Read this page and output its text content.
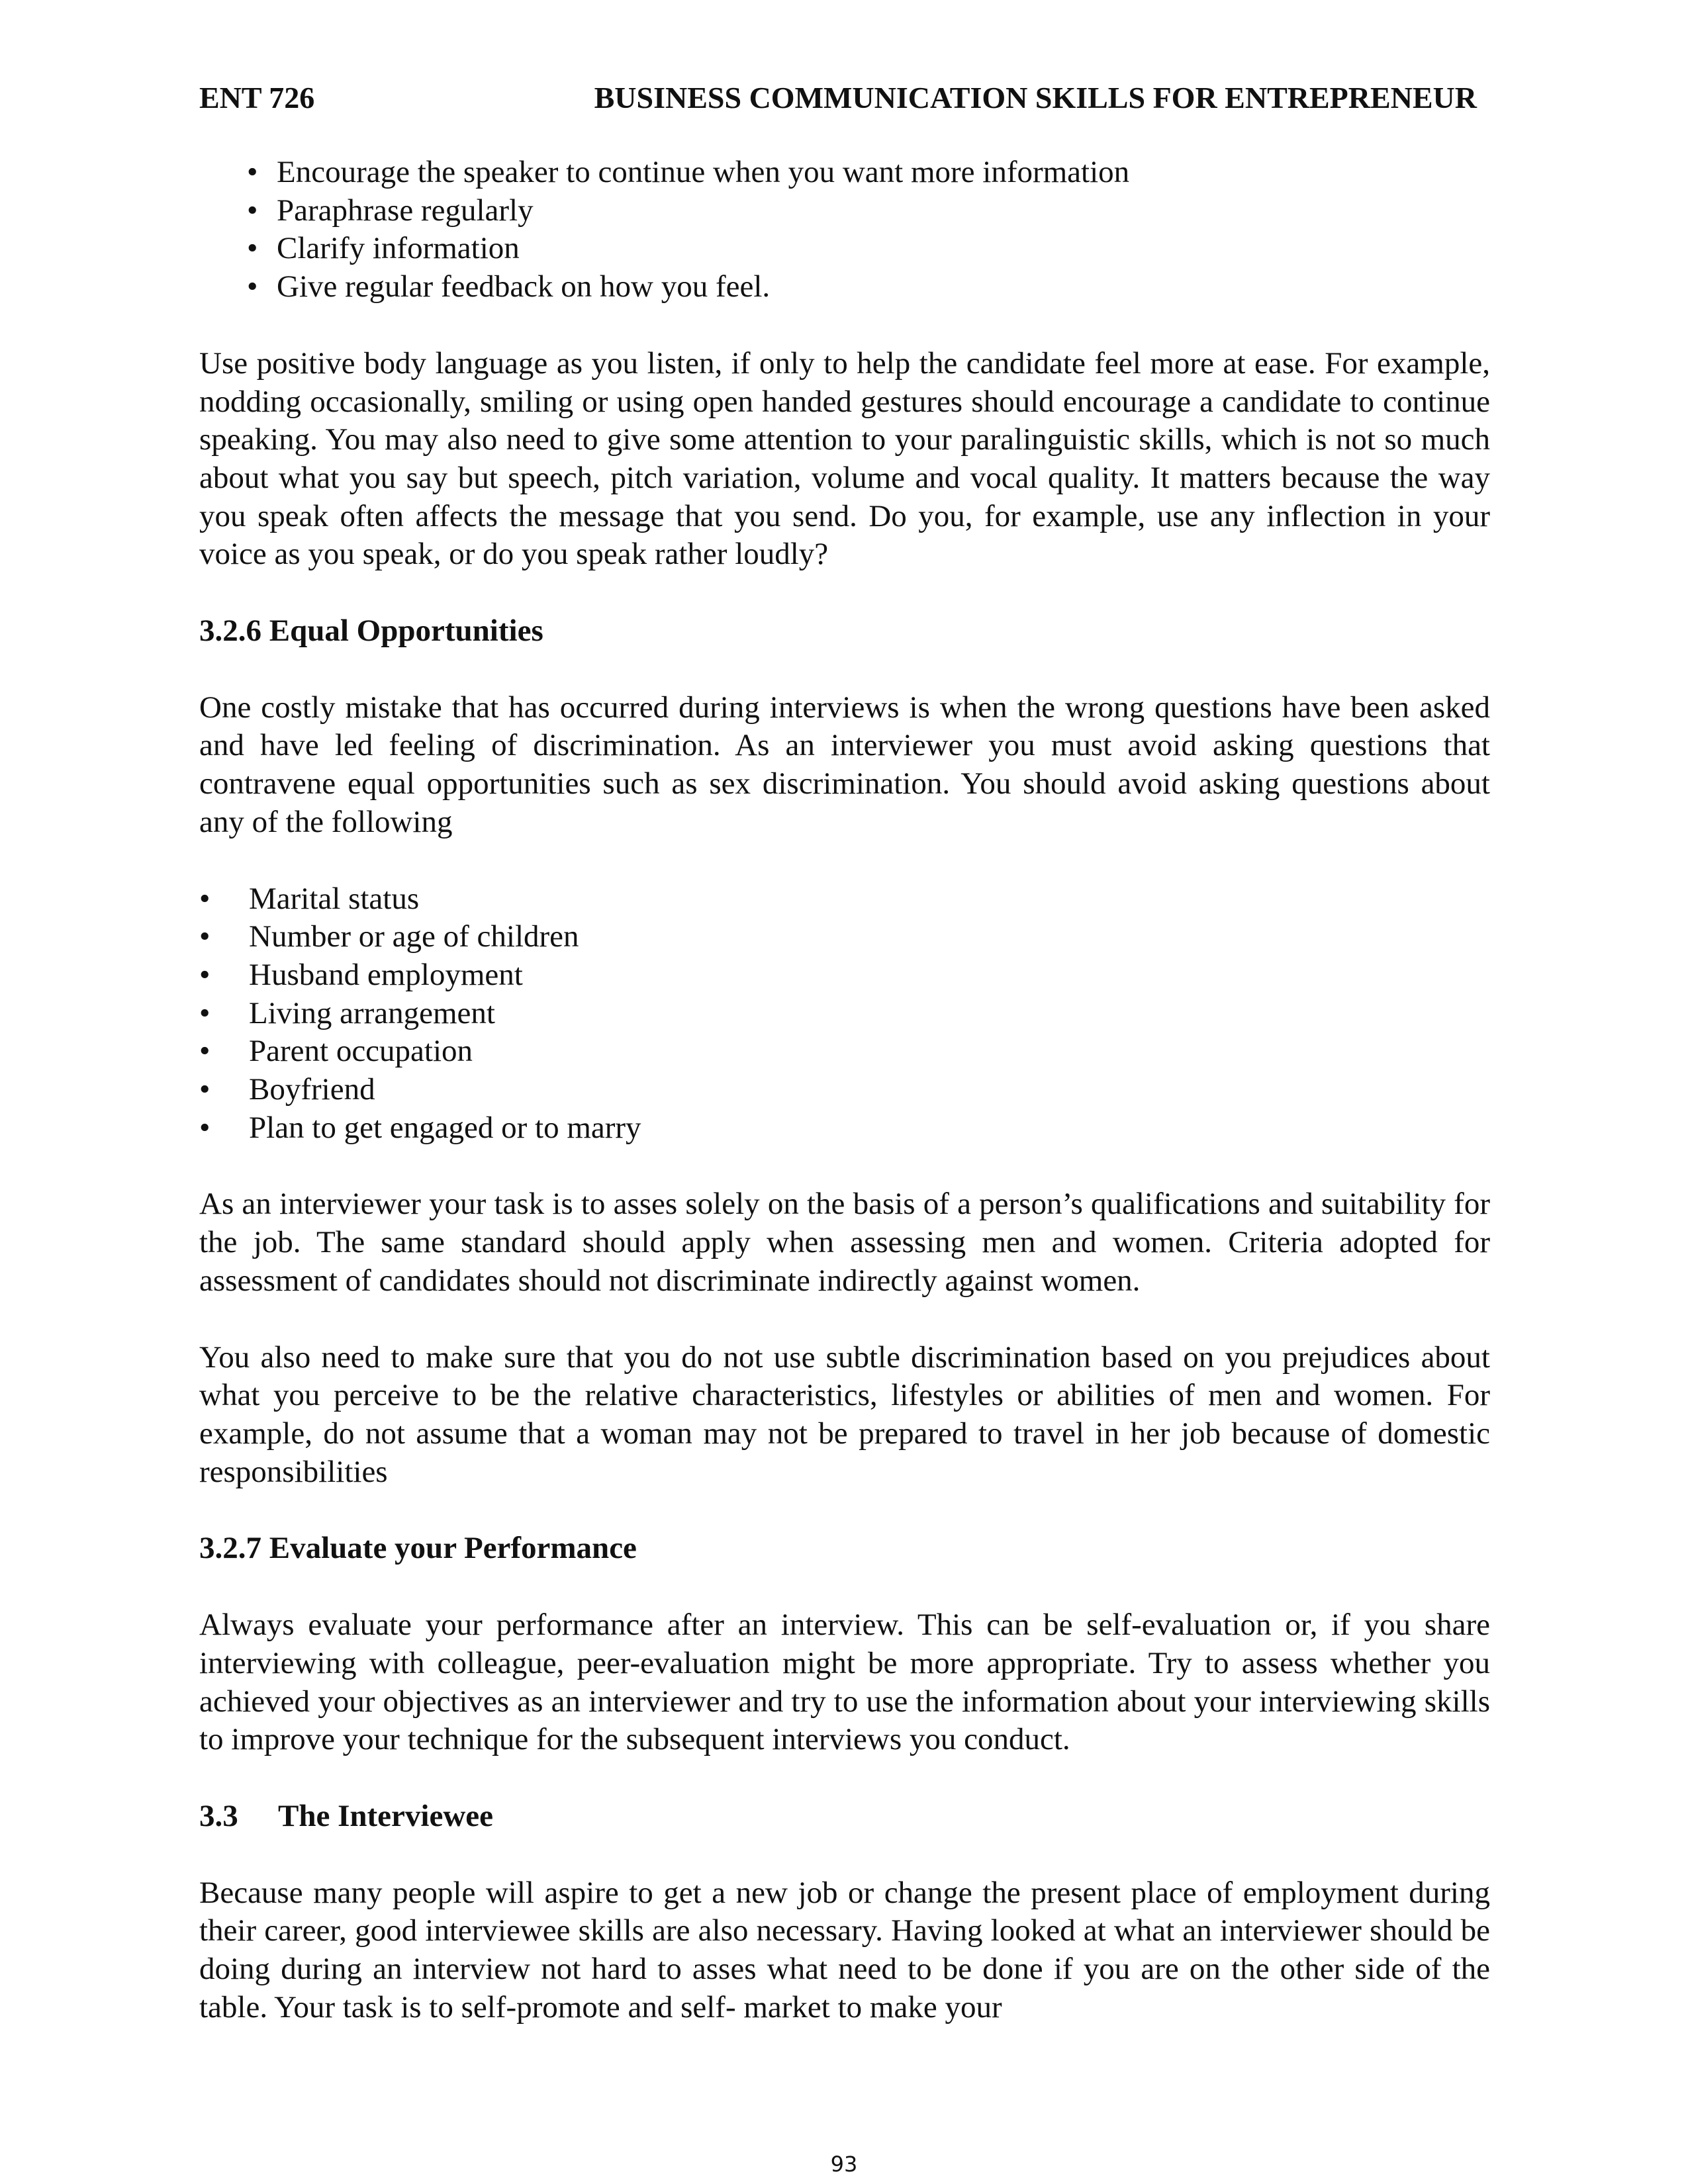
ENT 726	BUSINESS COMMUNICATION SKILLS FOR ENTREPRENEUR
• Encourage the speaker to continue when you want more information
• Paraphrase regularly
• Clarify information
• Give regular feedback on how you feel.

Use positive body language as you listen, if only to help the candidate feel more at ease. For example, nodding occasionally, smiling or using open handed gestures should encourage a candidate to continue speaking. You may also need to give some attention to your paralinguistic skills, which is not so much about what you say but speech, pitch variation, volume and vocal quality. It matters because the way you speak often affects the message that you send. Do you, for example, use any inflection in your voice as you speak, or do you speak rather loudly?

3.2.6 Equal Opportunities

One costly mistake that has occurred during interviews is when the wrong questions have been asked and have led feeling of discrimination. As an interviewer you must avoid asking questions that contravene equal opportunities such as sex discrimination. You should avoid asking questions about any of the following

• Marital status
• Number or age of children
• Husband employment
• Living arrangement
• Parent occupation
• Boyfriend
• Plan to get engaged or to marry

As an interviewer your task is to asses solely on the basis of a person’s qualifications and suitability for the job. The same standard should apply when assessing men and women. Criteria adopted for assessment of candidates should not discriminate indirectly against women.

You also need to make sure that you do not use subtle discrimination based on you prejudices about what you perceive to be the relative characteristics, lifestyles or abilities of men and women. For example, do not assume that a woman may not be prepared to travel in her job because of domestic responsibilities

3.2.7 Evaluate your Performance

Always evaluate your performance after an interview. This can be self-evaluation or, if you share interviewing with colleague, peer-evaluation might be more appropriate. Try to assess whether you achieved your objectives as an interviewer and try to use the information about your interviewing skills to improve your technique for the subsequent interviews you conduct.

3.3 The Interviewee

Because many people will aspire to get a new job or change the present place of employment during their career, good interviewee skills are also necessary. Having looked at what an interviewer should be doing during an interview not hard to asses what need to be done if you are on the other side of the table. Your task is to self-promote and self- market to make your

93
